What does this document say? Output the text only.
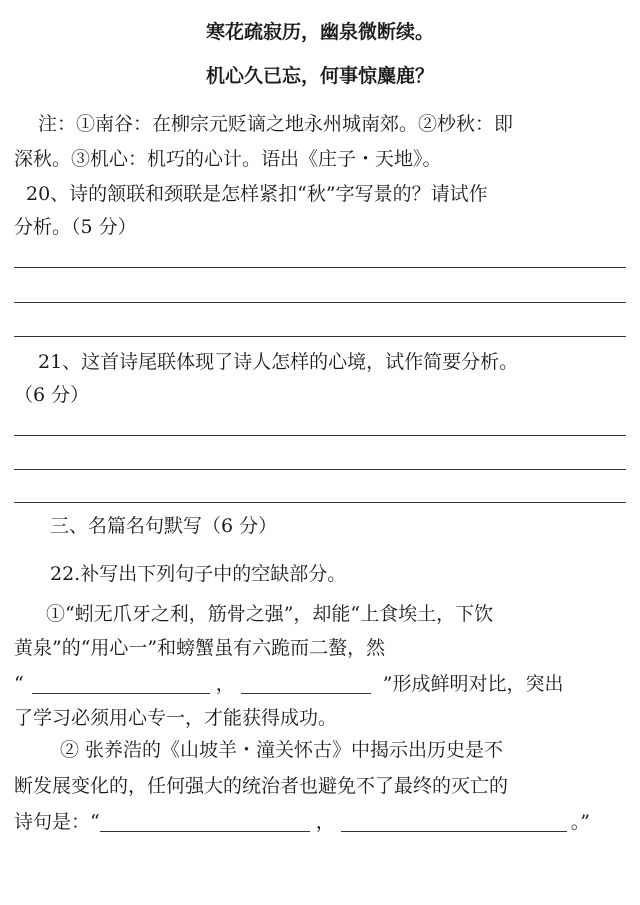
寒花疏寂历，幽泉微断续。
机心久已忘，何事惊麋鹿？
注：①南谷：在柳宗元贬谪之地永州城南郊。②杪秋：即
深秋。③机心：机巧的心计。语出《庄子・天地》。
20、诗的颔联和颈联是怎样紧扣“秋”字写景的？请试作
分析。（5 分）
21、这首诗尾联体现了诗人怎样的心境，试作简要分析。
（6 分）
三、名篇名句默写（6 分）
22.补写出下列句子中的空缺部分。
①“蚓无爪牙之利，筋骨之强”，却能“上食埃土，下饮
黄泉”的“用心一”和螃蟹虽有六跪而二螯，然
“	，	”形成鲜明对比，突出
了学习必须用心专一，才能获得成功。
② 张养浩的《山坡羊・潼关怀古》中揭示出历史是不
断发展变化的，任何强大的统治者也避免不了最终的灭亡的
诗句是：“	，	。”
